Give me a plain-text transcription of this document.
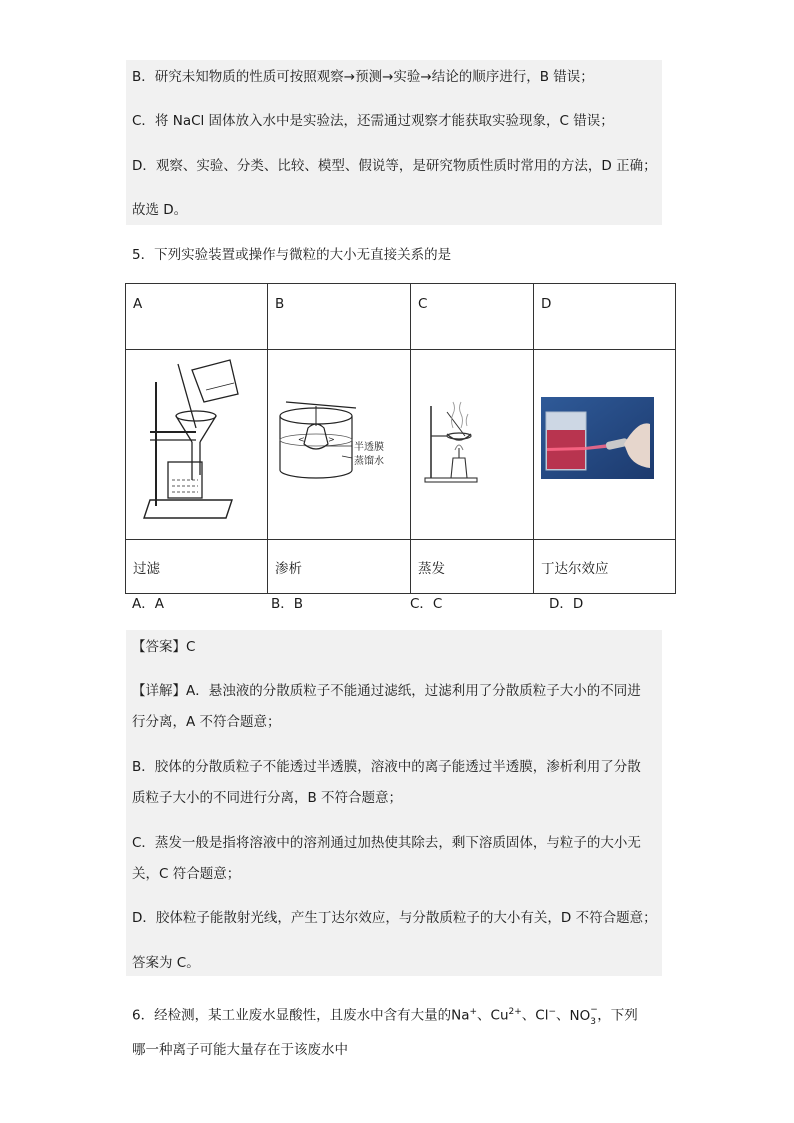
B．研究未知物质的性质可按照观察→预测→实验→结论的顺序进行，B 错误；
C．将 NaCl 固体放入水中是实验法，还需通过观察才能获取实验现象，C 错误；
D．观察、实验、分类、比较、模型、假说等，是研究物质性质时常用的方法，D 正确；
故选 D。
5．下列实验装置或操作与微粒的大小无直接关系的是
A	B	C	D

< >
半透膜
蒸馏水

过滤	渗析	蒸发	丁达尔效应
A．A	B．B	C．C	D．D
【答案】C
【详解】A．悬浊液的分散质粒子不能通过滤纸，过滤利用了分散质粒子大小的不同进
行分离，A 不符合题意；
B．胶体的分散质粒子不能透过半透膜，溶液中的离子能透过半透膜，渗析利用了分散
质粒子大小的不同进行分离，B 不符合题意；
C．蒸发一般是指将溶液中的溶剂通过加热使其除去，剩下溶质固体，与粒子的大小无
关，C 符合题意；
D．胶体粒子能散射光线，产生丁达尔效应，与分散质粒子的大小有关，D 不符合题意；
答案为 C。
6．经检测，某工业废水显酸性，且废水中含有大量的Na+、$Cu^{2+}$、Cl−、NO −
3 ，下列
哪一种离子可能大量存在于该废水中
